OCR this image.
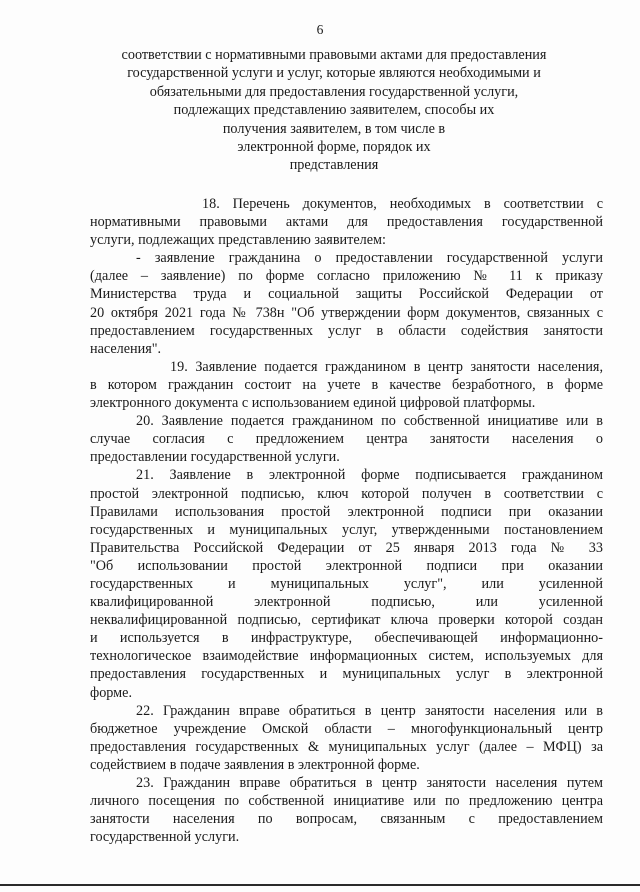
6
соответствии с нормативными правовыми актами для предоставления
государственной услуги и услуг, которые являются необходимыми и
обязательными для предоставления государственной услуги,
подлежащих представлению заявителем, способы их
получения заявителем, в том числе в
электронной форме, порядок их
представления

18. Перечень документов, необходимых в соответствии с
нормативными правовыми актами для предоставления государственной
услуги, подлежащих представлению заявителем:

- заявление гражданина о предоставлении государственной услуги
(далее – заявление) по форме согласно приложению № 11 к приказу
Министерства труда и социальной защиты Российской Федерации от
20 октября 2021 года № 738н "Об утверждении форм документов, связанных с
предоставлением государственных услуг в области содействия занятости
населения".

19. Заявление подается гражданином в центр занятости населения,
в котором гражданин состоит на учете в качестве безработного, в форме
электронного документа с использованием единой цифровой платформы.

20. Заявление подается гражданином по собственной инициативе или в
случае согласия с предложением центра занятости населения о
предоставлении государственной услуги.

21. Заявление в электронной форме подписывается гражданином
простой электронной подписью, ключ которой получен в соответствии с
Правилами использования простой электронной подписи при оказании
государственных и муниципальных услуг, утвержденными постановлением
Правительства Российской Федерации от 25 января 2013 года № 33
"Об использовании простой электронной подписи при оказании
государственных и муниципальных услуг", или усиленной
квалифицированной электронной подписью, или усиленной
неквалифицированной подписью, сертификат ключа проверки которой создан
и используется в инфраструктуре, обеспечивающей информационно-
технологическое взаимодействие информационных систем, используемых для
предоставления государственных и муниципальных услуг в электронной
форме.

22. Гражданин вправе обратиться в центр занятости населения или в
бюджетное учреждение Омской области – многофункциональный центр
предоставления государственных & муниципальных услуг (далее – МФЦ) за
содействием в подаче заявления в электронной форме.

23. Гражданин вправе обратиться в центр занятости населения путем
личного посещения по собственной инициативе или по предложению центра
занятости населения по вопросам, связанным с предоставлением
государственной услуги.
